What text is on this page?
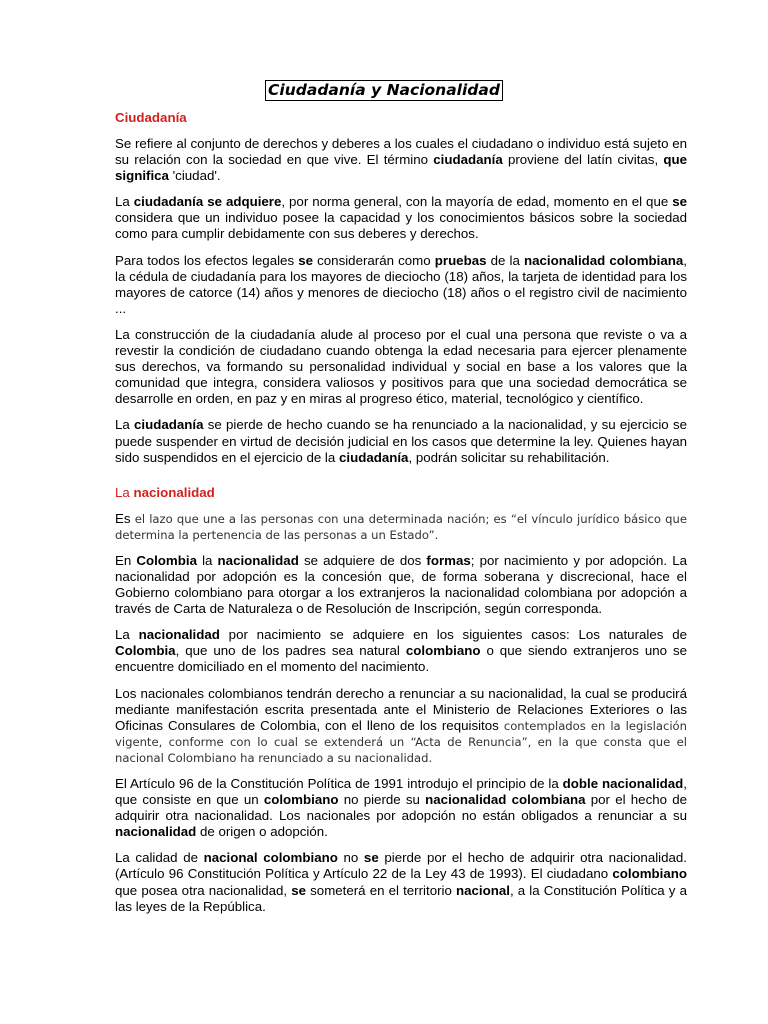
Ciudadanía y Nacionalidad
Ciudadanía

Se refiere al conjunto de derechos y deberes a los cuales el ciudadano o individuo está sujeto en su relación con la sociedad en que vive. El término ciudadanía proviene del latín civitas, que significa 'ciudad'.

La ciudadanía se adquiere, por norma general, con la mayoría de edad, momento en el que se considera que un individuo posee la capacidad y los conocimientos básicos sobre la sociedad como para cumplir debidamente con sus deberes y derechos.

Para todos los efectos legales se considerarán como pruebas de la nacionalidad colombiana, la cédula de ciudadanía para los mayores de dieciocho (18) años, la tarjeta de identidad para los mayores de catorce (14) años y menores de dieciocho (18) años o el registro civil de nacimiento ...

La construcción de la ciudadanía alude al proceso por el cual una persona que reviste o va a revestir la condición de ciudadano cuando obtenga la edad necesaria para ejercer plenamente sus derechos, va formando su personalidad individual y social en base a los valores que la comunidad que integra, considera valiosos y positivos para que una sociedad democrática se desarrolle en orden, en paz y en miras al progreso ético, material, tecnológico y científico.

La ciudadanía se pierde de hecho cuando se ha renunciado a la nacionalidad, y su ejercicio se puede suspender en virtud de decisión judicial en los casos que determine la ley. Quienes hayan sido suspendidos en el ejercicio de la ciudadanía, podrán solicitar su rehabilitación.

La nacionalidad

Es el lazo que une a las personas con una determinada nación; es “el vínculo jurídico básico que determina la pertenencia de las personas a un Estado”.

En Colombia la nacionalidad se adquiere de dos formas; por nacimiento y por adopción. La nacionalidad por adopción es la concesión que, de forma soberana y discrecional, hace el Gobierno colombiano para otorgar a los extranjeros la nacionalidad colombiana por adopción a través de Carta de Naturaleza o de Resolución de Inscripción, según corresponda.

La nacionalidad por nacimiento se adquiere en los siguientes casos: Los naturales de Colombia, que uno de los padres sea natural colombiano o que siendo extranjeros uno se encuentre domiciliado en el momento del nacimiento.

Los nacionales colombianos tendrán derecho a renunciar a su nacionalidad, la cual se producirá mediante manifestación escrita presentada ante el Ministerio de Relaciones Exteriores o las Oficinas Consulares de Colombia, con el lleno de los requisitos contemplados en la legislación vigente, conforme con lo cual se extenderá un “Acta de Renuncia”, en la que consta que el nacional Colombiano ha renunciado a su nacionalidad.

El Artículo 96 de la Constitución Política de 1991 introdujo el principio de la doble nacionalidad, que consiste en que un colombiano no pierde su nacionalidad colombiana por el hecho de adquirir otra nacionalidad. Los nacionales por adopción no están obligados a renunciar a su nacionalidad de origen o adopción.

La calidad de nacional colombiano no se pierde por el hecho de adquirir otra nacionalidad. (Artículo 96 Constitución Política y Artículo 22 de la Ley 43 de 1993). El ciudadano colombiano que posea otra nacionalidad, se someterá en el territorio nacional, a la Constitución Política y a las leyes de la República.
